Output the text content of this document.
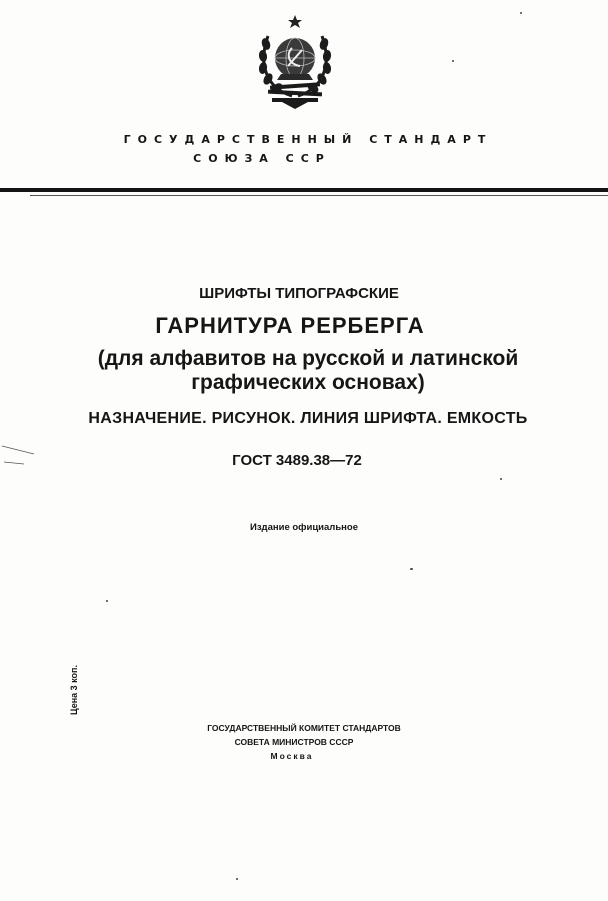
ГОСУДАРСТВЕННЫЙ СТАНДАРТ
СОЮЗА ССР
ШРИФТЫ ТИПОГРАФСКИЕ
ГАРНИТУРА РЕРБЕРГА
(для алфавитов на русской и латинской
графических основах)
НАЗНАЧЕНИЕ. РИСУНОК. ЛИНИЯ ШРИФТА. ЕМКОСТЬ
ГОСТ 3489.38—72
Издание официальное
Цена 3 коп.
ГОСУДАРСТВЕННЫЙ КОМИТЕТ СТАНДАРТОВ
СОВЕТА МИНИСТРОВ СССР
Москва
